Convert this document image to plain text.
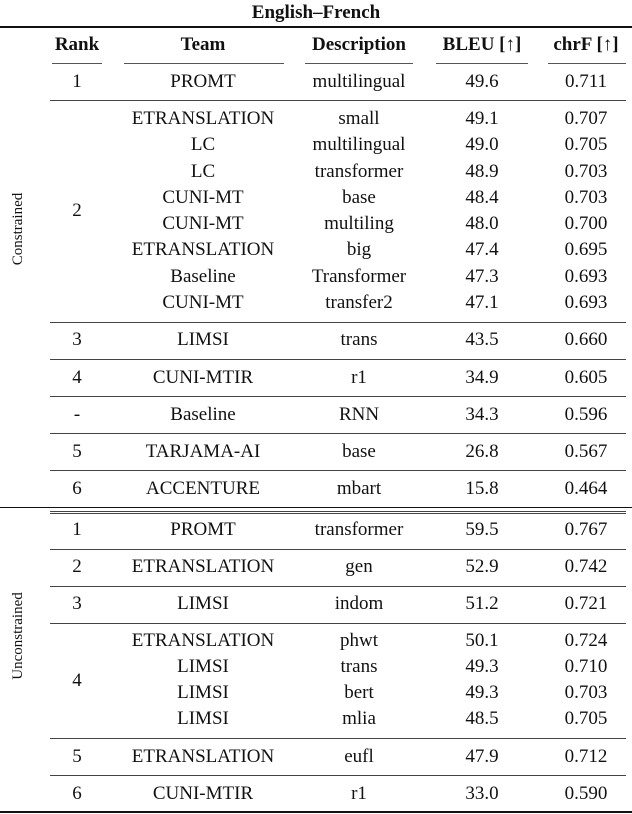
English–French
Rank	Team	Description	BLEU [↑]	chrF [↑]
Constrained
Unconstrained
1	PROMT	multilingual	49.6	0.711
2
ETRANSLATION	small	49.1	0.707
LC	multilingual	49.0	0.705
LC	transformer	48.9	0.703
CUNI-MT	base	48.4	0.703
CUNI-MT	multiling	48.0	0.700
ETRANSLATION	big	47.4	0.695
Baseline	Transformer	47.3	0.693
CUNI-MT	transfer2	47.1	0.693
3	LIMSI	trans	43.5	0.660
4	CUNI-MTIR	r1	34.9	0.605
-	Baseline	RNN	34.3	0.596
5	TARJAMA-AI	base	26.8	0.567
6	ACCENTURE	mbart	15.8	0.464
1	PROMT	transformer	59.5	0.767
2	ETRANSLATION	gen	52.9	0.742
3	LIMSI	indom	51.2	0.721
4
ETRANSLATION	phwt	50.1	0.724
LIMSI	trans	49.3	0.710
LIMSI	bert	49.3	0.703
LIMSI	mlia	48.5	0.705
5	ETRANSLATION	eufl	47.9	0.712
6	CUNI-MTIR	r1	33.0	0.590
